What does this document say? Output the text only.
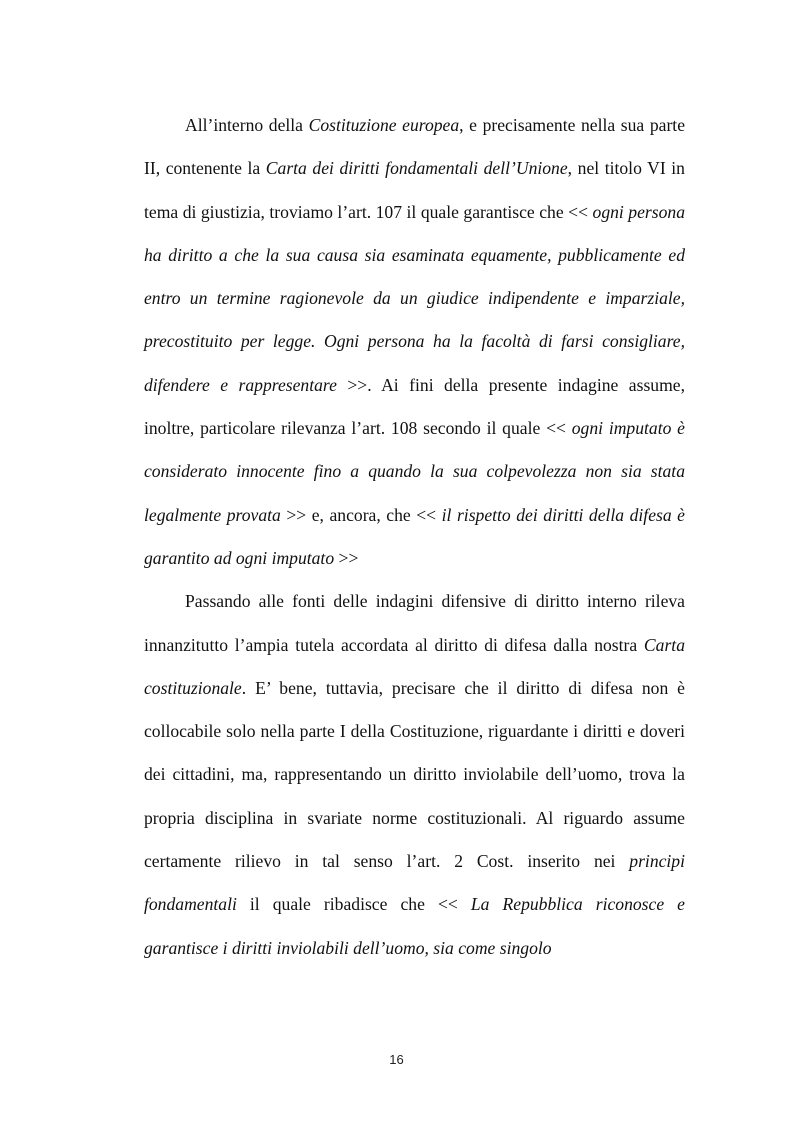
All’interno della Costituzione europea, e precisamente nella sua parte II, contenente la Carta dei diritti fondamentali dell’Unione, nel titolo VI in tema di giustizia, troviamo l’art. 107 il quale garantisce che << ogni persona ha diritto a che la sua causa sia esaminata equamente, pubblicamente ed entro un termine ragionevole da un giudice indipendente e imparziale, precostituito per legge. Ogni persona ha la facoltà di farsi consigliare, difendere e rappresentare >>. Ai fini della presente indagine assume, inoltre, particolare rilevanza l’art. 108 secondo il quale << ogni imputato è considerato innocente fino a quando la sua colpevolezza non sia stata legalmente provata >> e, ancora, che << il rispetto dei diritti della difesa è garantito ad ogni imputato >>

Passando alle fonti delle indagini difensive di diritto interno rileva innanzitutto l’ampia tutela accordata al diritto di difesa dalla nostra Carta costituzionale. E’ bene, tuttavia, precisare che il diritto di difesa non è collocabile solo nella parte I della Costituzione, riguardante i diritti e doveri dei cittadini, ma, rappresentando un diritto inviolabile dell’uomo, trova la propria disciplina in svariate norme costituzionali. Al riguardo assume certamente rilievo in tal senso l’art. 2 Cost. inserito nei principi fondamentali il quale ribadisce che << La Repubblica riconosce e garantisce i diritti inviolabili dell’uomo, sia come singolo

16
